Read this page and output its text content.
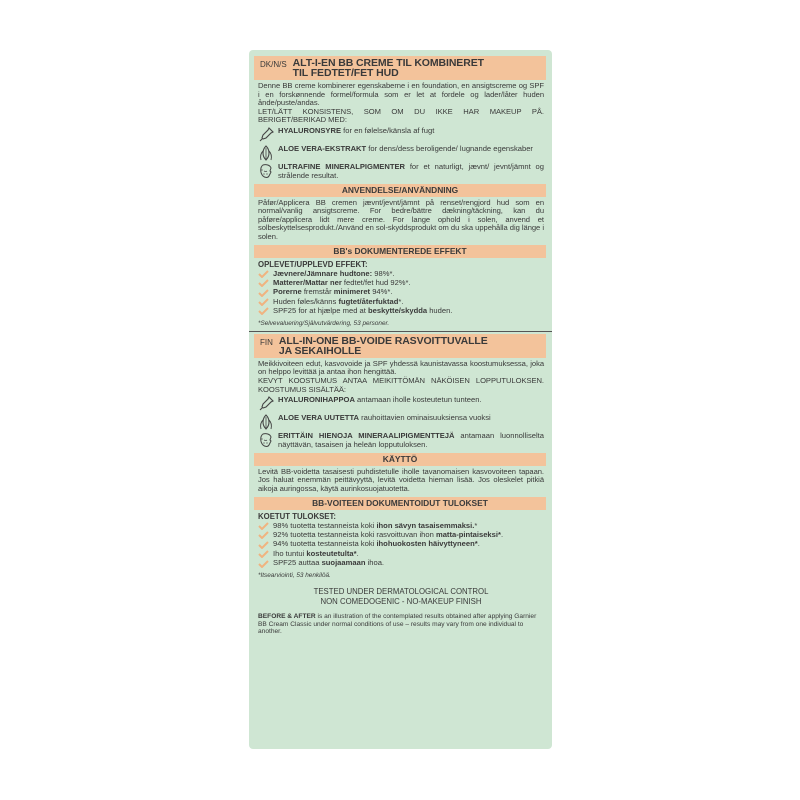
DK/N/S ALT-I-EN BB CREME TIL KOMBINERET
TIL FEDTET/FET HUD

Denne BB creme kombinerer egenskaberne i en foundation, en ansigtscreme og SPF i en forskønnende formel/formula som er let at fordele og lader/låter huden ånde/puste/andas.

LET/LÄTT KONSISTENS, SOM OM DU IKKE HAR MAKEUP PÅ. BERIGET/BERIKAD MED:

HYALURONSYRE for en følelse/känsla af fugt
ALOE VERA-EKSTRAKT for dens/dess beroligende/ lugnande egenskaber
ULTRAFINE MINERALPIGMENTER for et naturligt, jævnt/ jevnt/jämnt og strålende resultat.
ANVENDELSE/ANVÄNDNING

Påfør/Applicera BB cremen jævnt/jevnt/jämnt på renset/rengjord hud som en normal/vanlig ansigtscreme. For bedre/bättre dækning/täckning, kan du påføre/applicera lidt mere creme. For lange ophold i solen, anvend et solbeskyttelsesprodukt./Använd en sol-skyddsprodukt om du ska uppehålla dig länge i solen.

BB's DOKUMENTEREDE EFFEKT
OPLEVET/UPPLEVD EFFEKT:
Jævnere/Jämnare hudtone: 98%*.
Matterer/Mattar ner fedtet/fet hud 92%*.
Porerne fremstår minimeret 94%*.
Huden føles/känns fugtet/återfuktad*.
SPF25 for at hjælpe med at beskytte/skydda huden.
*Selvevaluering/Självutvärdering, 53 personer.
FIN ALL-IN-ONE BB-VOIDE RASVOITTUVALLE
JA SEKAIHOLLE

Meikkivoiteen edut, kasvovoide ja SPF yhdessä kaunistavassa koostumuksessa, joka on helppo levittää ja antaa ihon hengittää.

KEVYT KOOSTUMUS ANTAA MEIKITTÖMÄN NÄKÖISEN LOPPUTULOKSEN. KOOSTUMUS SISÄLTÄÄ:

HYALURONIHAPPOA antamaan iholle kosteutetun tunteen.
ALOE VERA UUTETTA rauhoittavien ominaisuuksiensa vuoksi
ERITTÄIN HIENOJA MINERAALIPIGMENTTEJÄ antamaan luonnolliselta näyttävän, tasaisen ja heleän lopputuloksen.
KÄYTTÖ

Levitä BB-voidetta tasaisesti puhdistetulle iholle tavanomaisen kasvovoiteen tapaan. Jos haluat enemmän peittävyyttä, levitä voidetta hieman lisää. Jos oleskelet pitkiä aikoja auringossa, käytä aurinkosuojatuotetta.

BB-VOITEEN DOKUMENTOIDUT TULOKSET
KOETUT TULOKSET:
98% tuotetta testanneista koki ihon sävyn tasaisemmaksi.*
92% tuotetta testanneista koki rasvoittuvan ihon matta-pintaiseksi*.
94% tuotetta testanneista koki ihohuokosten häivyttyneen*.
Iho tuntui kosteutetulta*.
SPF25 auttaa suojaamaan ihoa.
*Itsearviointi, 53 henkilöä.
TESTED UNDER DERMATOLOGICAL CONTROL
NON COMEDOGENIC - NO-MAKEUP FINISH
BEFORE & AFTER is an illustration of the contemplated results obtained after applying Garnier BB Cream Classic under normal conditions of use – results may vary from one individual to another.
